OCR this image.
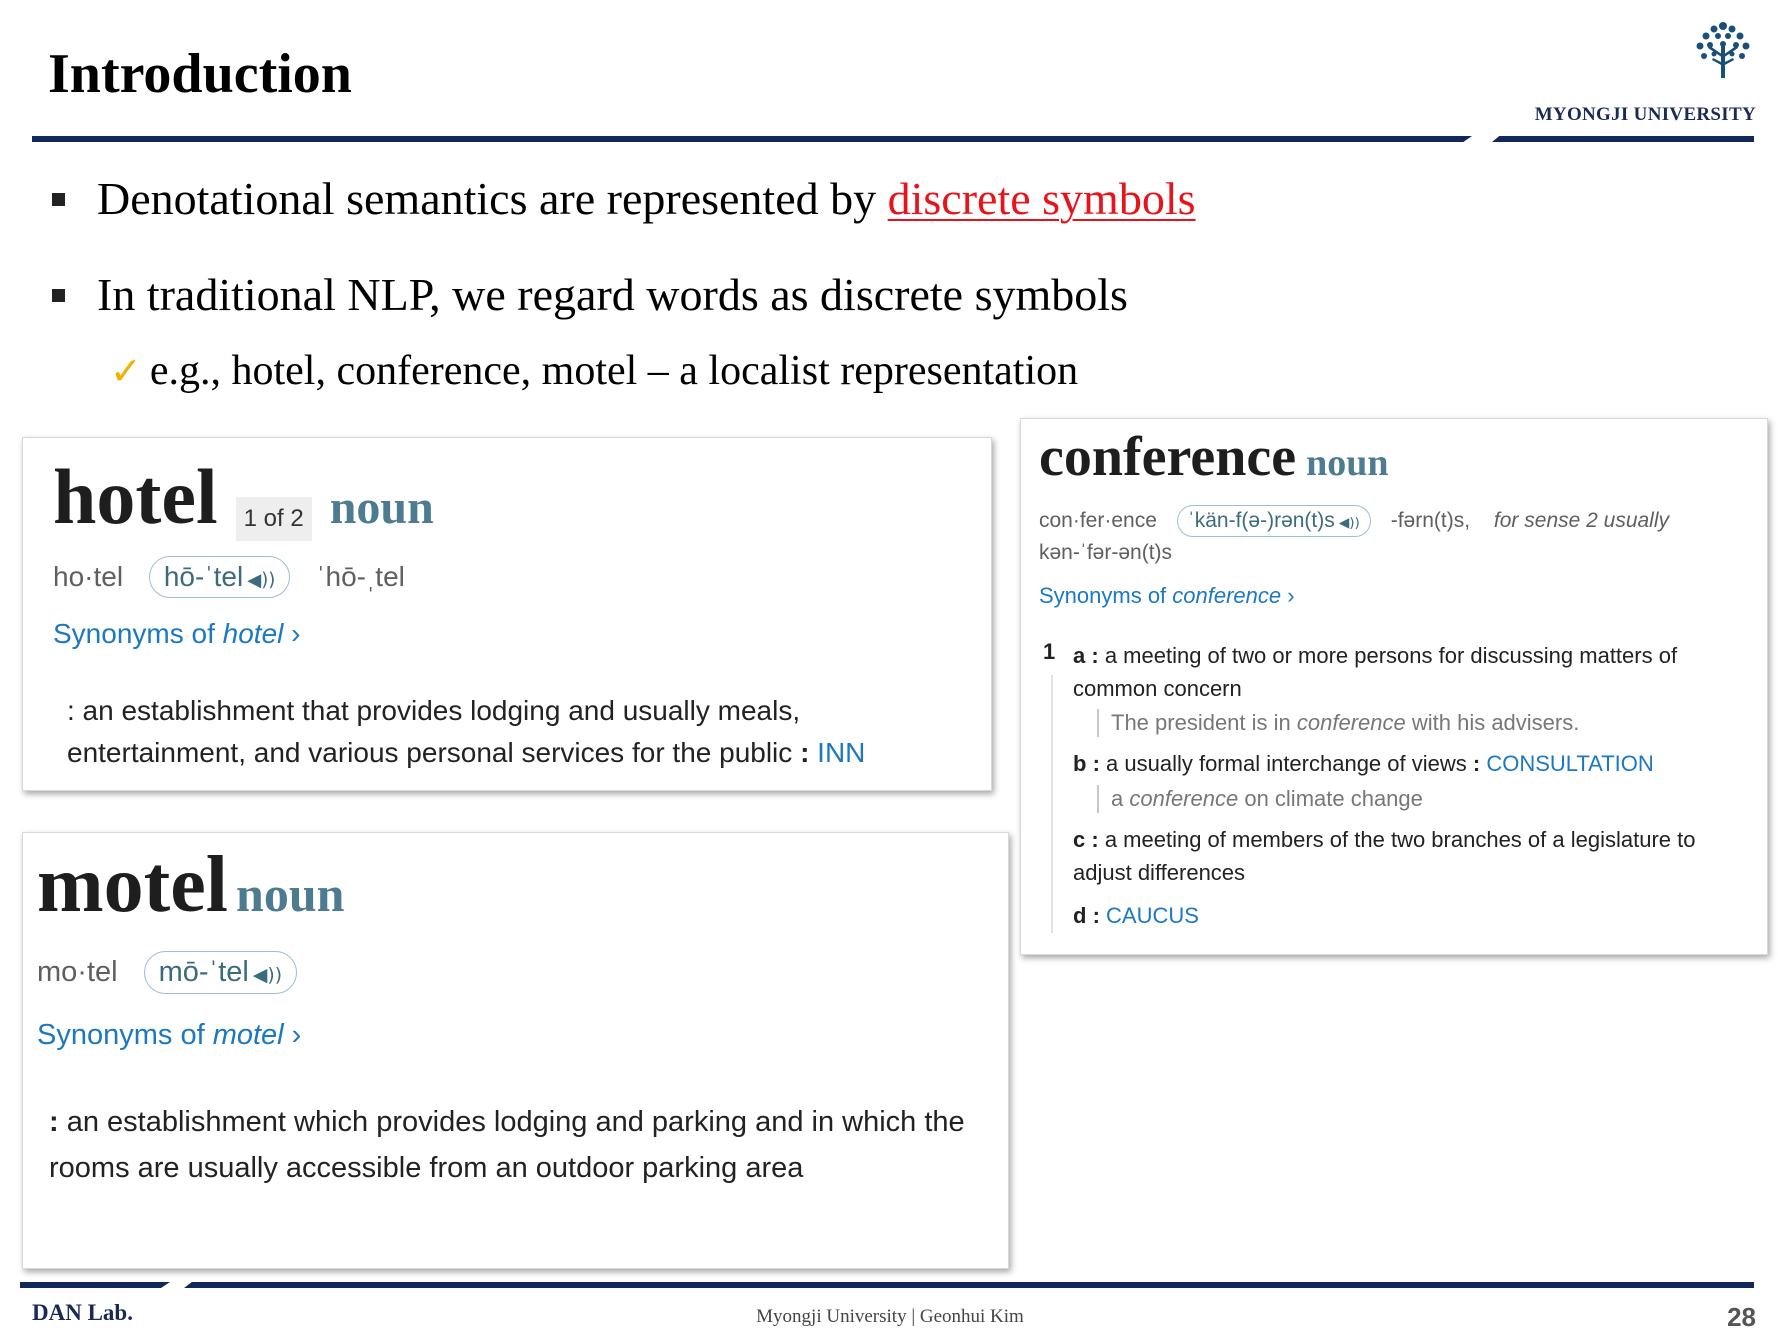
Introduction
MYONGJI UNIVERSITY
Denotational semantics are represented by discrete symbols
In traditional NLP, we regard words as discrete symbols
✓ e.g., hotel, conference, motel – a localist representation
hotel 1 of 2 noun
ho·tel hō-ˈtel ◀)) ˈhō-ˌtel
Synonyms of hotel ›
: an establishment that provides lodging and usually meals,
entertainment, and various personal services for the public : INN
motel noun
mo·tel mō-ˈtel ◀))
Synonyms of motel ›
: an establishment which provides lodging and parking and in which the rooms are usually accessible from an outdoor parking area
conference noun
con·fer·ence ˈkän-f(ə-)rən(t)s ◀)) -fərn(t)s, for sense 2 usually
kən-ˈfər-ən(t)s
Synonyms of conference ›
1 a : a meeting of two or more persons for discussing matters of common concern
The president is in conference with his advisers.
b : a usually formal interchange of views : CONSULTATION
a conference on climate change
c : a meeting of members of the two branches of a legislature to adjust differences
d : CAUCUS
DAN Lab.	Myongji University | Geonhui Kim	28
